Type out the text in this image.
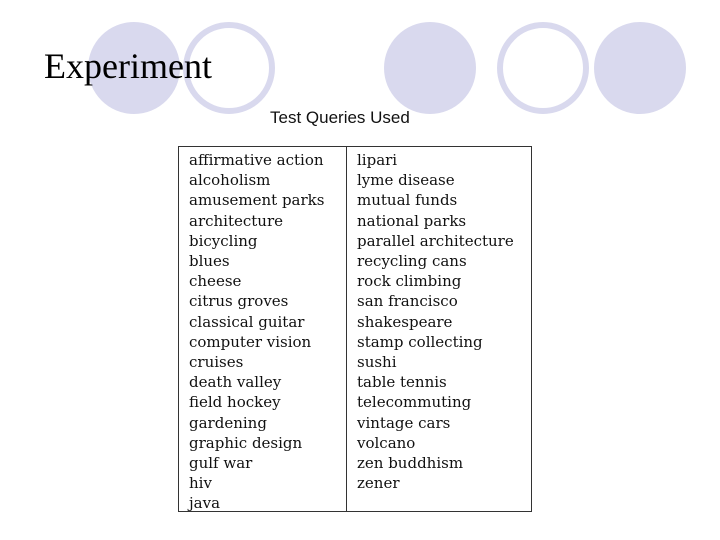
Experiment
Test Queries Used
affirmative action
alcoholism
amusement parks
architecture
bicycling
blues
cheese
citrus groves
classical guitar
computer vision
cruises
death valley
field hockey
gardening
graphic design
gulf war
hiv
java
lipari
lyme disease
mutual funds
national parks
parallel architecture
recycling cans
rock climbing
san francisco
shakespeare
stamp collecting
sushi
table tennis
telecommuting
vintage cars
volcano
zen buddhism
zener
